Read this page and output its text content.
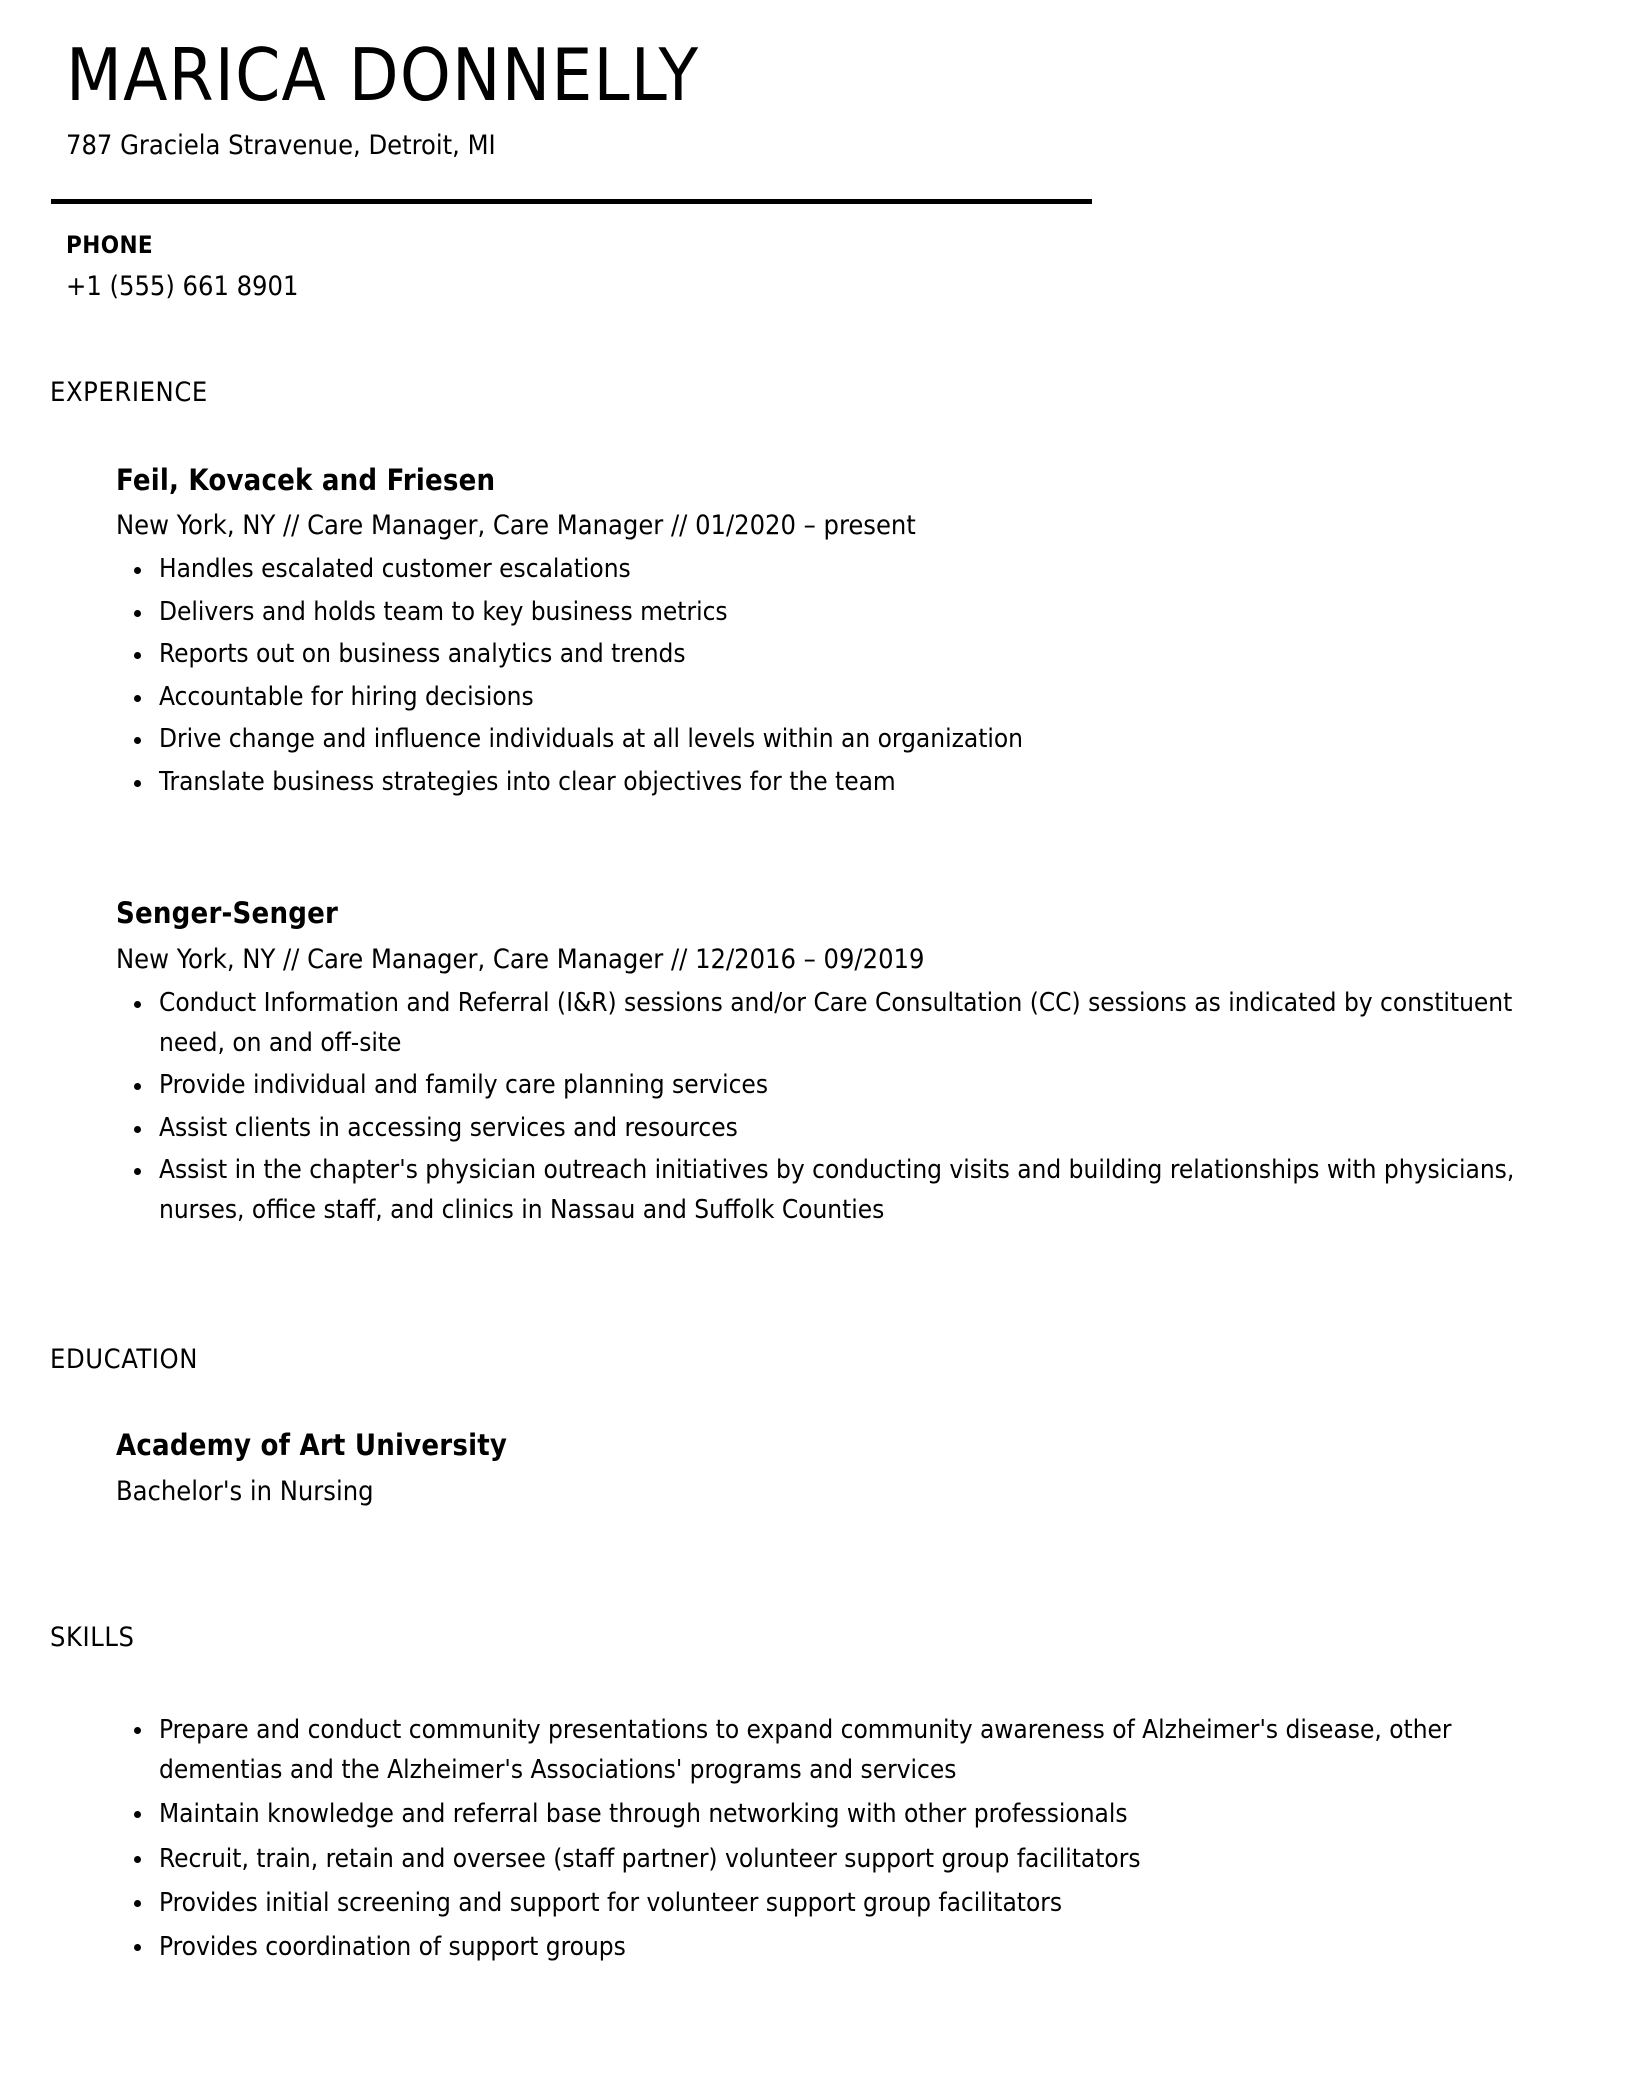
MARICA DONNELLY

787 Graciela Stravenue, Detroit, MI

PHONE

+1 (555) 661 8901

EXPERIENCE
Feil, Kovacek and Friesen

New York, NY // Care Manager, Care Manager // 01/2020 – present

Handles escalated customer escalations
Delivers and holds team to key business metrics
Reports out on business analytics and trends
Accountable for hiring decisions
Drive change and influence individuals at all levels within an organization
Translate business strategies into clear objectives for the team
Senger-Senger

New York, NY // Care Manager, Care Manager // 12/2016 – 09/2019

Conduct Information and Referral (I&R) sessions and/or Care Consultation (CC) sessions as indicated by constituent need, on and off-site
Provide individual and family care planning services
Assist clients in accessing services and resources
Assist in the chapter's physician outreach initiatives by conducting visits and building relationships with physicians, nurses, office staff, and clinics in Nassau and Suffolk Counties
EDUCATION
Academy of Art University

Bachelor's in Nursing

SKILLS
Prepare and conduct community presentations to expand community awareness of Alzheimer's disease, other dementias and the Alzheimer's Associations' programs and services
Maintain knowledge and referral base through networking with other professionals
Recruit, train, retain and oversee (staff partner) volunteer support group facilitators
Provides initial screening and support for volunteer support group facilitators
Provides coordination of support groups
